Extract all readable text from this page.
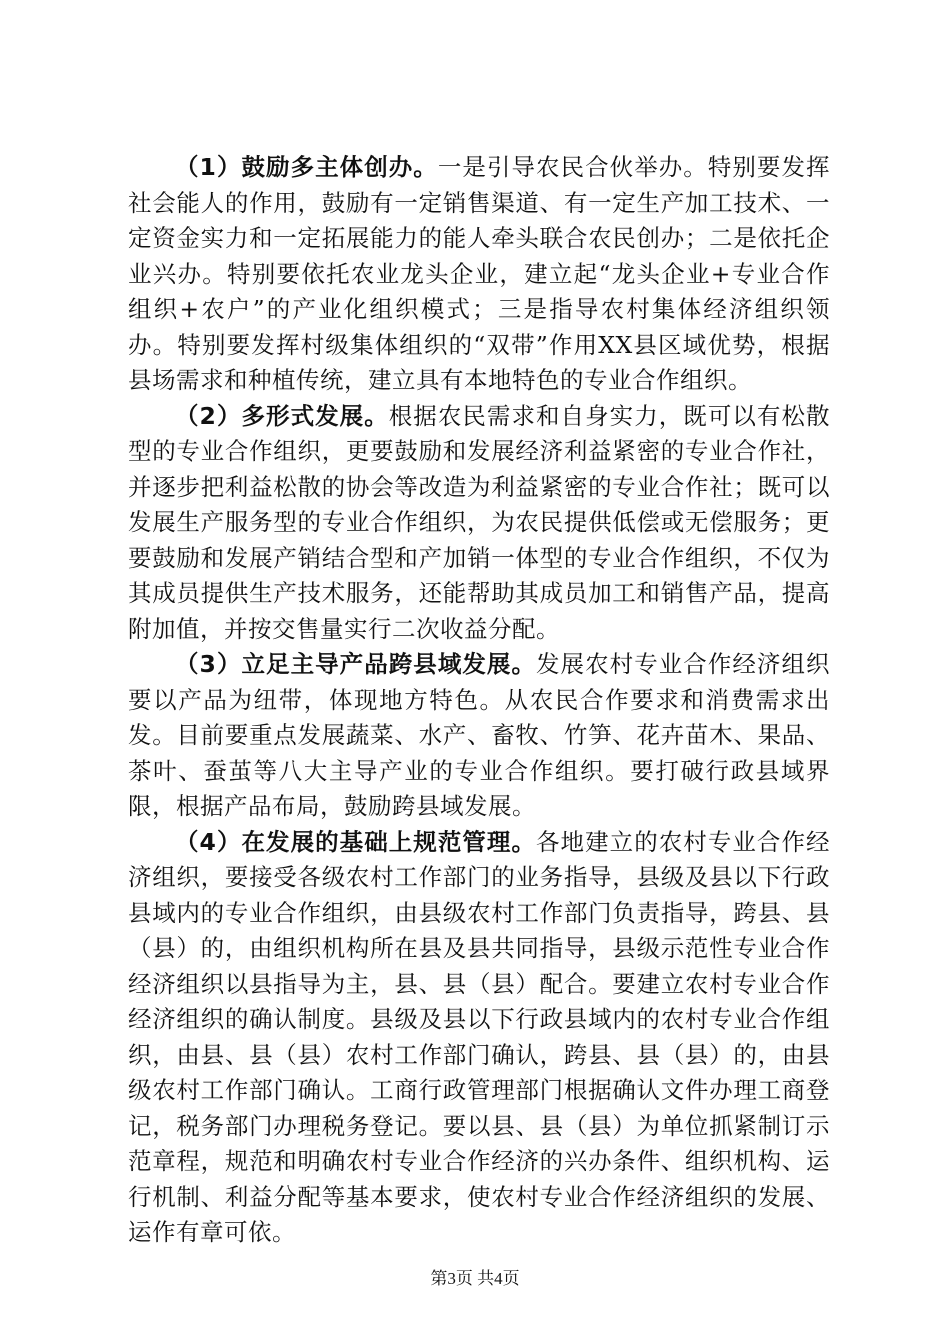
（1）鼓励多主体创办。一是引导农民合伙举办。特别要发挥社会能人的作用，鼓励有一定销售渠道、有一定生产加工技术、一定资金实力和一定拓展能力的能人牵头联合农民创办；二是依托企业兴办。特别要依托农业龙头企业，建立起“龙头企业+专业合作组织+农户”的产业化组织模式；三是指导农村集体经济组织领办。特别要发挥村级集体组织的“双带”作用XX县区域优势，根据县场需求和种植传统，建立具有本地特色的专业合作组织。

（2）多形式发展。根据农民需求和自身实力，既可以有松散型的专业合作组织，更要鼓励和发展经济利益紧密的专业合作社，并逐步把利益松散的协会等改造为利益紧密的专业合作社；既可以发展生产服务型的专业合作组织，为农民提供低偿或无偿服务；更要鼓励和发展产销结合型和产加销一体型的专业合作组织，不仅为其成员提供生产技术服务，还能帮助其成员加工和销售产品，提高附加值，并按交售量实行二次收益分配。

（3）立足主导产品跨县域发展。发展农村专业合作经济组织要以产品为纽带，体现地方特色。从农民合作要求和消费需求出发。目前要重点发展蔬菜、水产、畜牧、竹笋、花卉苗木、果品、茶叶、蚕茧等八大主导产业的专业合作组织。要打破行政县域界限，根据产品布局，鼓励跨县域发展。

（4）在发展的基础上规范管理。各地建立的农村专业合作经济组织，要接受各级农村工作部门的业务指导，县级及县以下行政县域内的专业合作组织，由县级农村工作部门负责指导，跨县、县（县）的，由组织机构所在县及县共同指导，县级示范性专业合作经济组织以县指导为主，县、县（县）配合。要建立农村专业合作经济组织的确认制度。县级及县以下行政县域内的农村专业合作组织，由县、县（县）农村工作部门确认，跨县、县（县）的，由县级农村工作部门确认。工商行政管理部门根据确认文件办理工商登记，税务部门办理税务登记。要以县、县（县）为单位抓紧制订示范章程，规范和明确农村专业合作经济的兴办条件、组织机构、运行机制、利益分配等基本要求，使农村专业合作经济组织的发展、运作有章可依。

第3页 共4页
